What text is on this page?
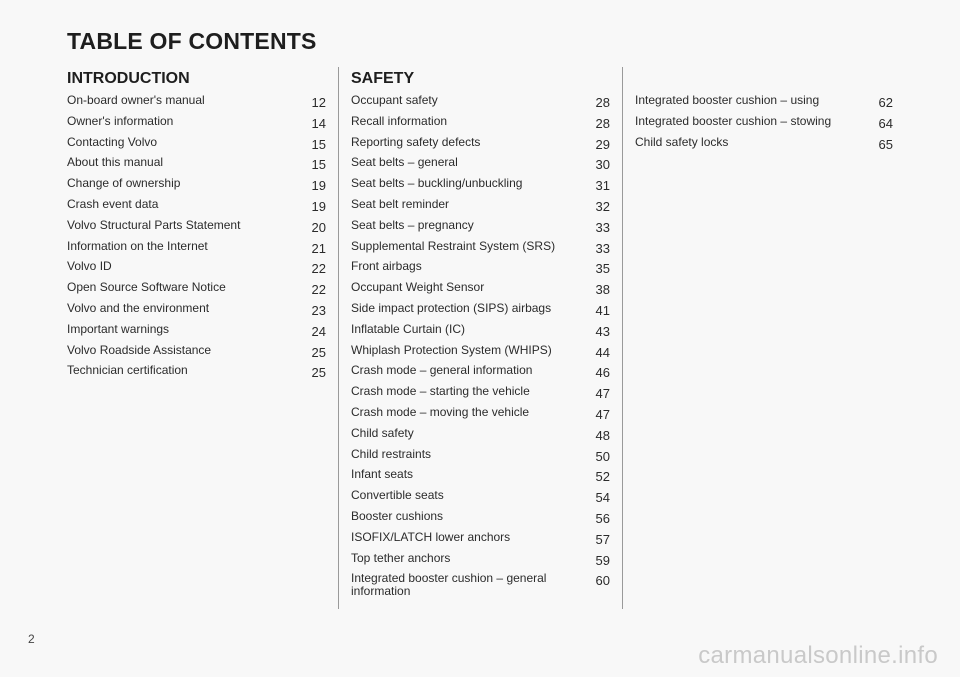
TABLE OF CONTENTS
INTRODUCTION
On-board owner's manual	12
Owner's information	14
Contacting Volvo	15
About this manual	15
Change of ownership	19
Crash event data	19
Volvo Structural Parts Statement	20
Information on the Internet	21
Volvo ID	22
Open Source Software Notice	22
Volvo and the environment	23
Important warnings	24
Volvo Roadside Assistance	25
Technician certification	25
SAFETY
Occupant safety	28
Recall information	28
Reporting safety defects	29
Seat belts – general	30
Seat belts – buckling/unbuckling	31
Seat belt reminder	32
Seat belts – pregnancy	33
Supplemental Restraint System (SRS)	33
Front airbags	35
Occupant Weight Sensor	38
Side impact protection (SIPS) airbags	41
Inflatable Curtain (IC)	43
Whiplash Protection System (WHIPS)	44
Crash mode – general information	46
Crash mode – starting the vehicle	47
Crash mode – moving the vehicle	47
Child safety	48
Child restraints	50
Infant seats	52
Convertible seats	54
Booster cushions	56
ISOFIX/LATCH lower anchors	57
Top tether anchors	59
Integrated booster cushion – general information
60
Integrated booster cushion – using	62
Integrated booster cushion – stowing	64
Child safety locks	65
2
carmanualsonline.info
